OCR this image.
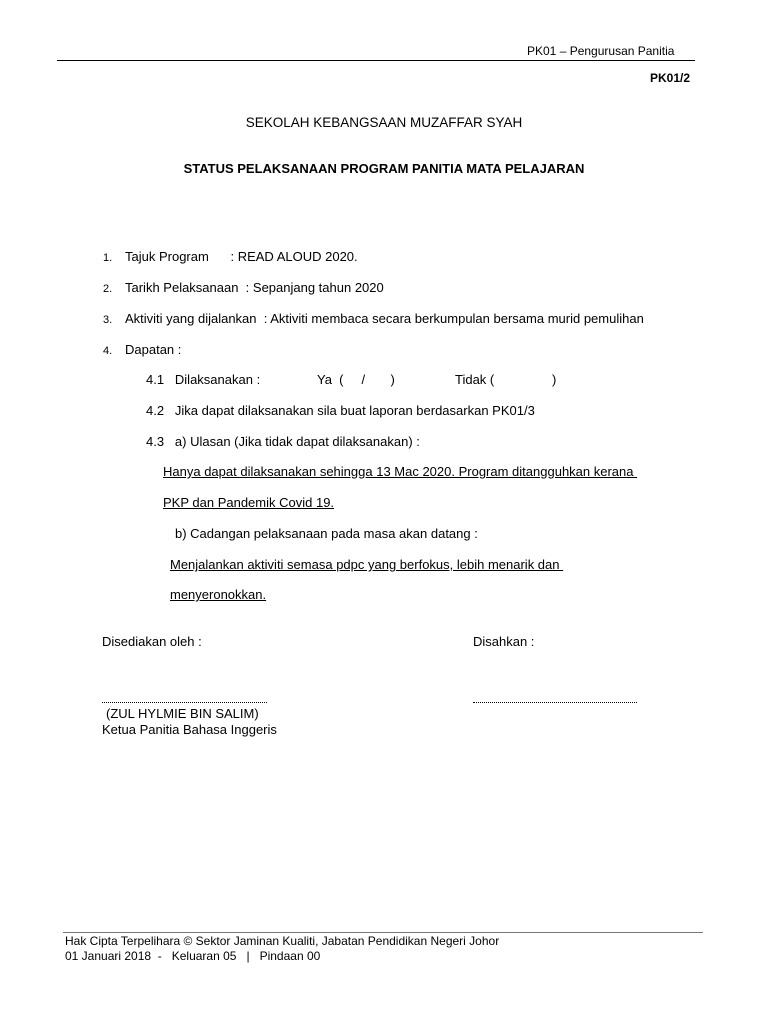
PK01 – Pengurusan Panitia
PK01/2
SEKOLAH KEBANGSAAN MUZAFFAR SYAH
STATUS PELAKSANAAN PROGRAM PANITIA MATA PELAJARAN
1. Tajuk Program      : READ ALOUD 2020.
2. Tarikh Pelaksanaan  : Sepanjang tahun 2020
3. Aktiviti yang dijalankan  : Aktiviti membaca secara berkumpulan bersama murid pemulihan
4. Dapatan :
4.1   Dilaksanakan :	Ya  (     /       )	Tidak (                )
4.2   Jika dapat dilaksanakan sila buat laporan berdasarkan PK01/3
4.3   a) Ulasan (Jika tidak dapat dilaksanakan) :
Hanya dapat dilaksanakan sehingga 13 Mac 2020. Program ditangguhkan kerana
PKP dan Pandemik Covid 19.
b) Cadangan pelaksanaan pada masa akan datang :
Menjalankan aktiviti semasa pdpc yang berfokus, lebih menarik dan
menyeronokkan.
Disediakan oleh :	Disahkan :
(ZUL HYLMIE BIN SALIM)
Ketua Panitia Bahasa Inggeris
Hak Cipta Terpelihara © Sektor Jaminan Kualiti, Jabatan Pendidikan Negeri Johor
01 Januari 2018  -   Keluaran 05   |   Pindaan 00
